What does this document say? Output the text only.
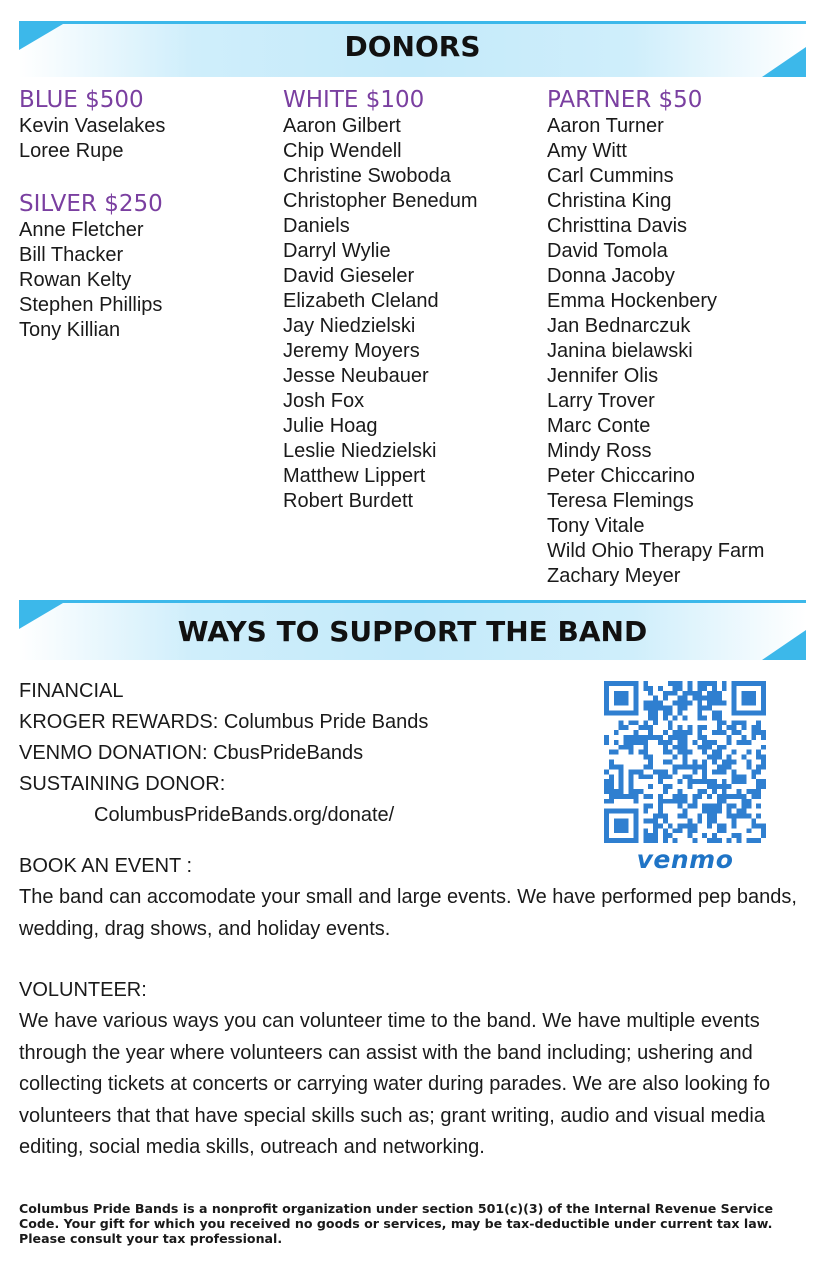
DONORS
BLUE $500
Kevin Vaselakes
Loree Rupe
SILVER $250
Anne Fletcher
Bill Thacker
Rowan Kelty
Stephen Phillips
Tony Killian
WHITE $100
Aaron Gilbert
Chip Wendell
Christine Swoboda
Christopher Benedum
Daniels
Darryl Wylie
David Gieseler
Elizabeth Cleland
Jay Niedzielski
Jeremy Moyers
Jesse Neubauer
Josh Fox
Julie Hoag
Leslie Niedzielski
Matthew Lippert
Robert Burdett
PARTNER $50
Aaron Turner
Amy Witt
Carl Cummins
Christina King
Christtina Davis
David Tomola
Donna Jacoby
Emma Hockenbery
Jan Bednarczuk
Janina bielawski
Jennifer Olis
Larry Trover
Marc Conte
Mindy Ross
Peter Chiccarino
Teresa Flemings
Tony Vitale
Wild Ohio Therapy Farm
Zachary Meyer
WAYS TO SUPPORT THE BAND
FINANCIAL
KROGER REWARDS: Columbus Pride Bands
VENMO DONATION: CbusPrideBands
SUSTAINING DONOR:
ColumbusPrideBands.org/donate/
venmo
BOOK AN EVENT :
The band can accomodate your small and large events. We have performed pep bands, wedding, drag shows, and holiday events.
VOLUNTEER:
We have various ways you can volunteer time to the band. We have multiple events through the year where volunteers can assist with the band including; ushering and collecting tickets at concerts or carrying water during parades. We are also looking fo volunteers that that have special skills such as; grant writing, audio and visual media editing, social media skills, outreach and networking.
Columbus Pride Bands is a nonprofit organization under section 501(c)(3) of the Internal Revenue Service Code. Your gift for which you received no goods or services, may be tax-deductible under current tax law. Please consult your tax professional.
